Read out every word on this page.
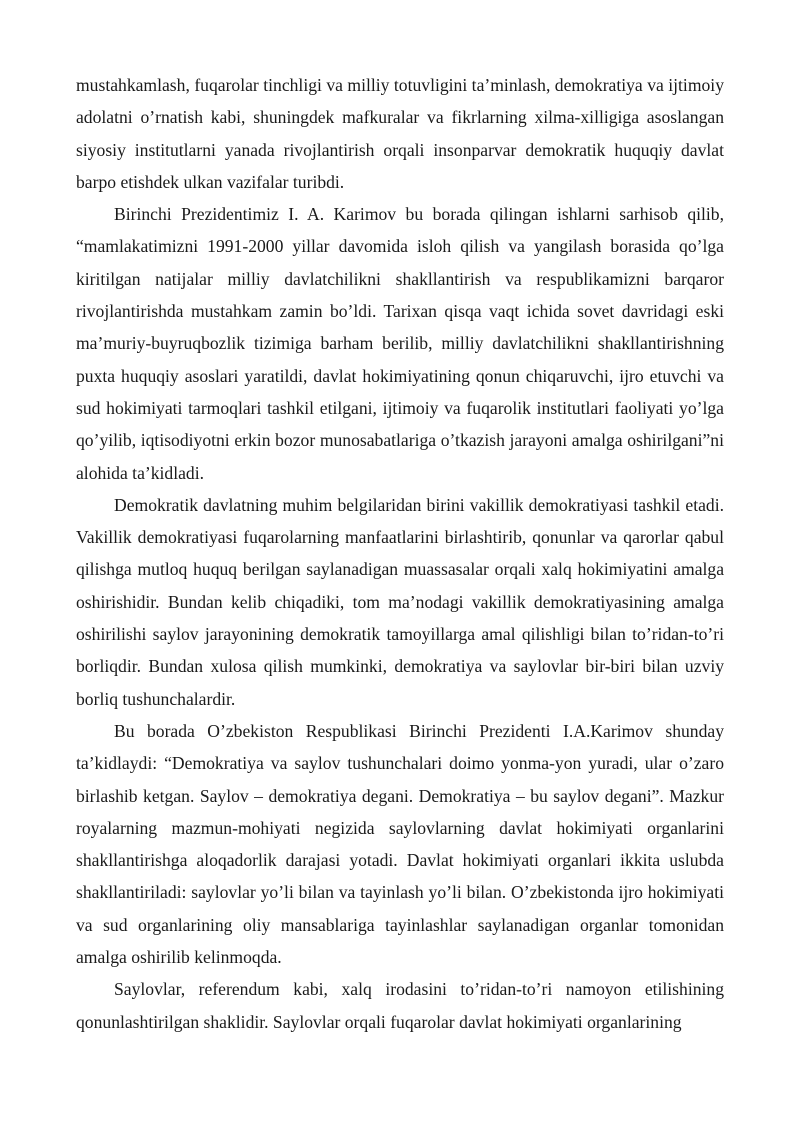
mustahkamlash, fuqarolar tinchligi va milliy totuvligini ta’minlash, demokratiya va ijtimoiy adolatni o’rnatish kabi, shuningdek mafkuralar va fikrlarning xilma-xilligiga asoslangan siyosiy institutlarni yanada rivojlantirish orqali insonparvar demokratik huquqiy davlat barpo etishdek ulkan vazifalar turibdi.

Birinchi Prezidentimiz I. A. Karimov bu borada qilingan ishlarni sarhisob qilib, “mamlakatimizni 1991-2000 yillar davomida isloh qilish va yangilash borasida qo’lga kiritilgan natijalar milliy davlatchilikni shakllantirish va respublikamizni barqaror rivojlantirishda mustahkam zamin bo’ldi. Tarixan qisqa vaqt ichida sovet davridagi eski ma’muriy-buyruqbozlik tizimiga barham berilib, milliy davlatchilikni shakllantirishning puxta huquqiy asoslari yaratildi, davlat hokimiyatining qonun chiqaruvchi, ijro etuvchi va sud hokimiyati tarmoqlari tashkil etilgani, ijtimoiy va fuqarolik institutlari faoliyati yo’lga qo’yilib, iqtisodiyotni erkin bozor munosabatlariga o’tkazish jarayoni amalga oshirilgani”ni alohida ta’kidladi.

Demokratik davlatning muhim belgilaridan birini vakillik demokratiyasi tashkil etadi. Vakillik demokratiyasi fuqarolarning manfaatlarini birlashtirib, qonunlar va qarorlar qabul qilishga mutloq huquq berilgan saylanadigan muassasalar orqali xalq hokimiyatini amalga oshirishidir. Bundan kelib chiqadiki, tom ma’nodagi vakillik demokratiyasining amalga oshirilishi saylov jarayonining demokratik tamoyillarga amal qilishligi bilan to’ridan-to’ri borliqdir. Bundan xulosa qilish mumkinki, demokratiya va saylovlar bir-biri bilan uzviy borliq tushunchalardir.

Bu borada O’zbekiston Respublikasi Birinchi Prezidenti I.A.Karimov shunday ta’kidlaydi: “Demokratiya va saylov tushunchalari doimo yonma-yon yuradi, ular o’zaro birlashib ketgan. Saylov – demokratiya degani. Demokratiya – bu saylov degani”. Mazkur royalarning mazmun-mohiyati negizida saylovlarning davlat hokimiyati organlarini shakllantirishga aloqadorlik darajasi yotadi. Davlat hokimiyati organlari ikkita uslubda shakllantiriladi: saylovlar yo’li bilan va tayinlash yo’li bilan. O’zbekistonda ijro hokimiyati va sud organlarining oliy mansablariga tayinlashlar saylanadigan organlar tomonidan amalga oshirilib kelinmoqda.

Saylovlar, referendum kabi, xalq irodasini to’ridan-to’ri namoyon etilishining qonunlashtirilgan shaklidir. Saylovlar orqali fuqarolar davlat hokimiyati organlarining
